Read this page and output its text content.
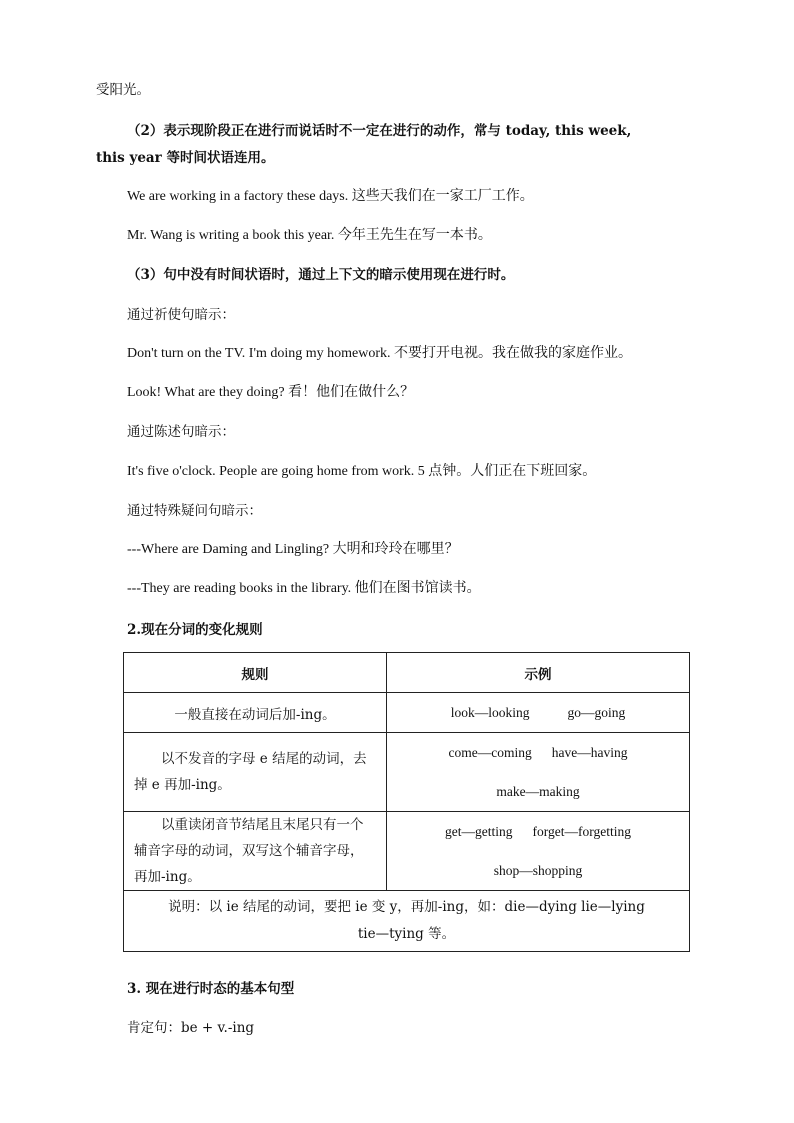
受阳光。
（2）表示现阶段正在进行而说话时不一定在进行的动作，常与 today, this week,
this year 等时间状语连用。
We are working in a factory these days. 这些天我们在一家工厂工作。
Mr. Wang is writing a book this year. 今年王先生在写一本书。
（3）句中没有时间状语时，通过上下文的暗示使用现在进行时。
通过祈使句暗示：
Don't turn on the TV. I'm doing my homework. 不要打开电视。我在做我的家庭作业。
Look! What are they doing? 看！他们在做什么？
通过陈述句暗示：
It's five o'clock. People are going home from work. 5 点钟。人们正在下班回家。
通过特殊疑问句暗示：
---Where are Daming and Lingling? 大明和玲玲在哪里？
---They are reading books in the library. 他们在图书馆读书。
2.现在分词的变化规则
规则	示例
一般直接在动词后加-ing。	look—looking go—going

以不发音的字母 e 结尾的动词，去掉 e 再加-ing。	come—coming have—having
make—making

以重读闭音节结尾且末尾只有一个辅音字母的动词，双写这个辅音字母，再加-ing。	get—getting forget—forgetting
shop—shopping

说明：以 ie 结尾的动词，要把 ie 变 y，再加-ing，如：die—dying lie—lying
tie—tying 等。	
3. 现在进行时态的基本句型
肯定句：be + v.-ing
